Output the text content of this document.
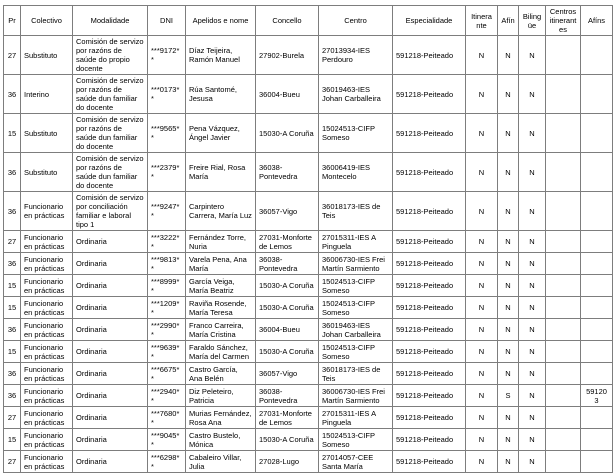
Pr	Colectivo	Modalidade	DNI	Apelidos e nome	Concello	Centro	Especialidade	Itinerante	Afín	Bilingüe	Centros itinerantes	Afíns
27	Substituto	Comisión de servizo por razóns de saúde do propio docente	***9172**	Díaz Teijeira, Ramón Manuel	27902-Burela	27013934-IES Perdouro	591218-Peiteado	N	N	N		
36	Interino	Comisión de servizo por razóns de saúde dun familiar do docente	***0173**	Rúa Santomé, Jesusa	36004-Bueu	36019463-IES Johan Carballeira	591218-Peiteado	N	N	N		
15	Substituto	Comisión de servizo por razóns de saúde dun familiar do docente	***9565**	Pena Vázquez, Ángel Javier	15030-A Coruña	15024513-CIFP Someso	591218-Peiteado	N	N	N		
36	Substituto	Comisión de servizo por razóns de saúde dun familiar do docente	***2379**	Freire Rial, Rosa María	36038-Pontevedra	36006419-IES Montecelo	591218-Peiteado	N	N	N		
36	Funcionario en prácticas	Comisión de servizo por conciliación familiar e laboral tipo 1	***9247**	Carpintero Carrera, María Luz	36057-Vigo	36018173-IES de Teis	591218-Peiteado	N	N	N		
27	Funcionario en prácticas	Ordinaria	***3222**	Fernández Torre, Nuria	27031-Monforte de Lemos	27015311-IES A Pinguela	591218-Peiteado	N	N	N		
36	Funcionario en prácticas	Ordinaria	***9813**	Varela Pena, Ana María	36038-Pontevedra	36006730-IES Frei Martín Sarmiento	591218-Peiteado	N	N	N		
15	Funcionario en prácticas	Ordinaria	***8999**	García Veiga, María Beatriz	15030-A Coruña	15024513-CIFP Someso	591218-Peiteado	N	N	N		
15	Funcionario en prácticas	Ordinaria	***1209**	Raviña Rosende, María Teresa	15030-A Coruña	15024513-CIFP Someso	591218-Peiteado	N	N	N		
36	Funcionario en prácticas	Ordinaria	***2990**	Franco Carreira, María Cristina	36004-Bueu	36019463-IES Johan Carballeira	591218-Peiteado	N	N	N		
15	Funcionario en prácticas	Ordinaria	***9639**	Faraldo Sánchez, María del Carmen	15030-A Coruña	15024513-CIFP Someso	591218-Peiteado	N	N	N		
36	Funcionario en prácticas	Ordinaria	***6675**	Castro García, Ana Belén	36057-Vigo	36018173-IES de Teis	591218-Peiteado	N	N	N		
36	Funcionario en prácticas	Ordinaria	***2940**	Diz Peleteiro, Patricia	36038-Pontevedra	36006730-IES Frei Martín Sarmiento	591218-Peiteado	N	S	N		591203
27	Funcionario en prácticas	Ordinaria	***7680**	Murias Fernández, Rosa Ana	27031-Monforte de Lemos	27015311-IES A Pinguela	591218-Peiteado	N	N	N		
15	Funcionario en prácticas	Ordinaria	***9045**	Castro Bustelo, Mónica	15030-A Coruña	15024513-CIFP Someso	591218-Peiteado	N	N	N		
27	Funcionario en prácticas	Ordinaria	***6298**	Cabaleiro Villar, Julia	27028-Lugo	27014057-CEE Santa María	591218-Peiteado	N	N	N		
